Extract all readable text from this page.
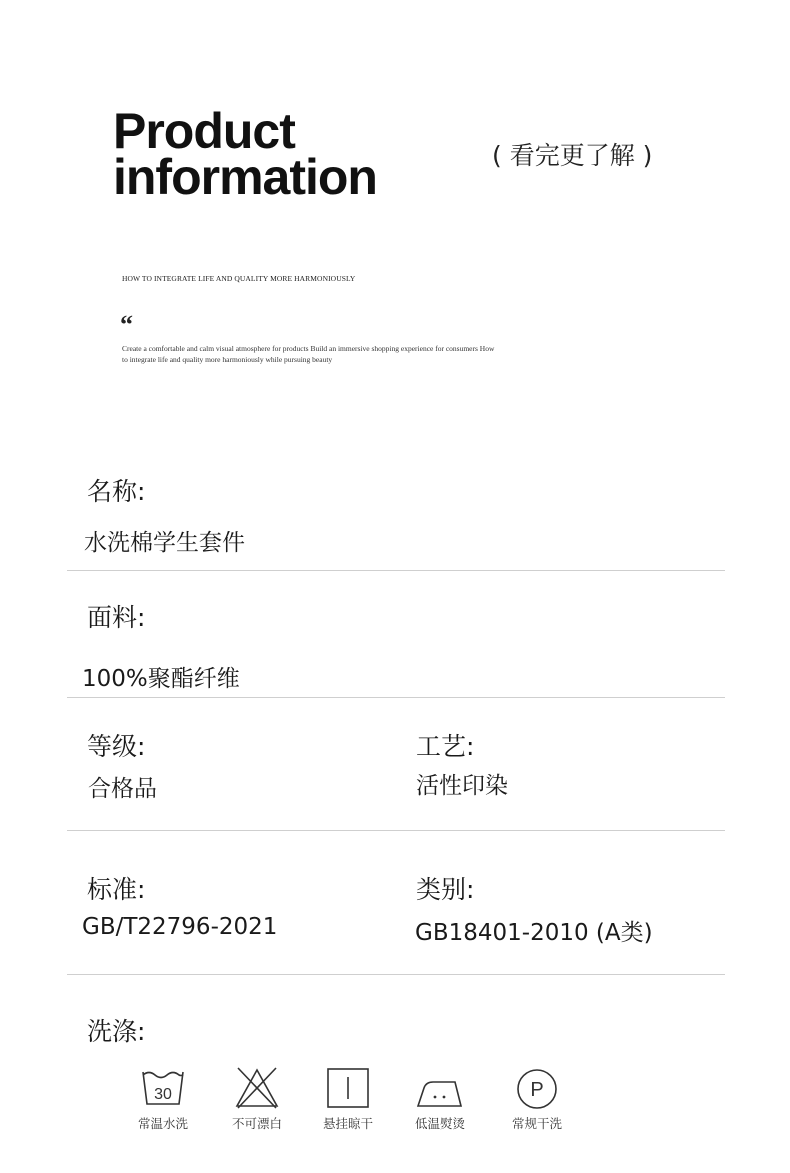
Product
information	( 看完更了解 )
HOW TO INTEGRATE LIFE AND QUALITY MORE HARMONIOUSLY
“
Create a comfortable and calm visual atmosphere for products Build an immersive shopping experience for consumers How to integrate life and quality more harmoniously while pursuing beauty
名称:
水洗棉学生套件
面料:
100%聚酯纤维
等级:
合格品
工艺:
活性印染
标准:
GB/T22796-2021
类别:
GB18401-2010 (A类)
洗涤:
30
常温水洗	不可漂白	悬挂晾干	低温熨烫
P
常规干洗
